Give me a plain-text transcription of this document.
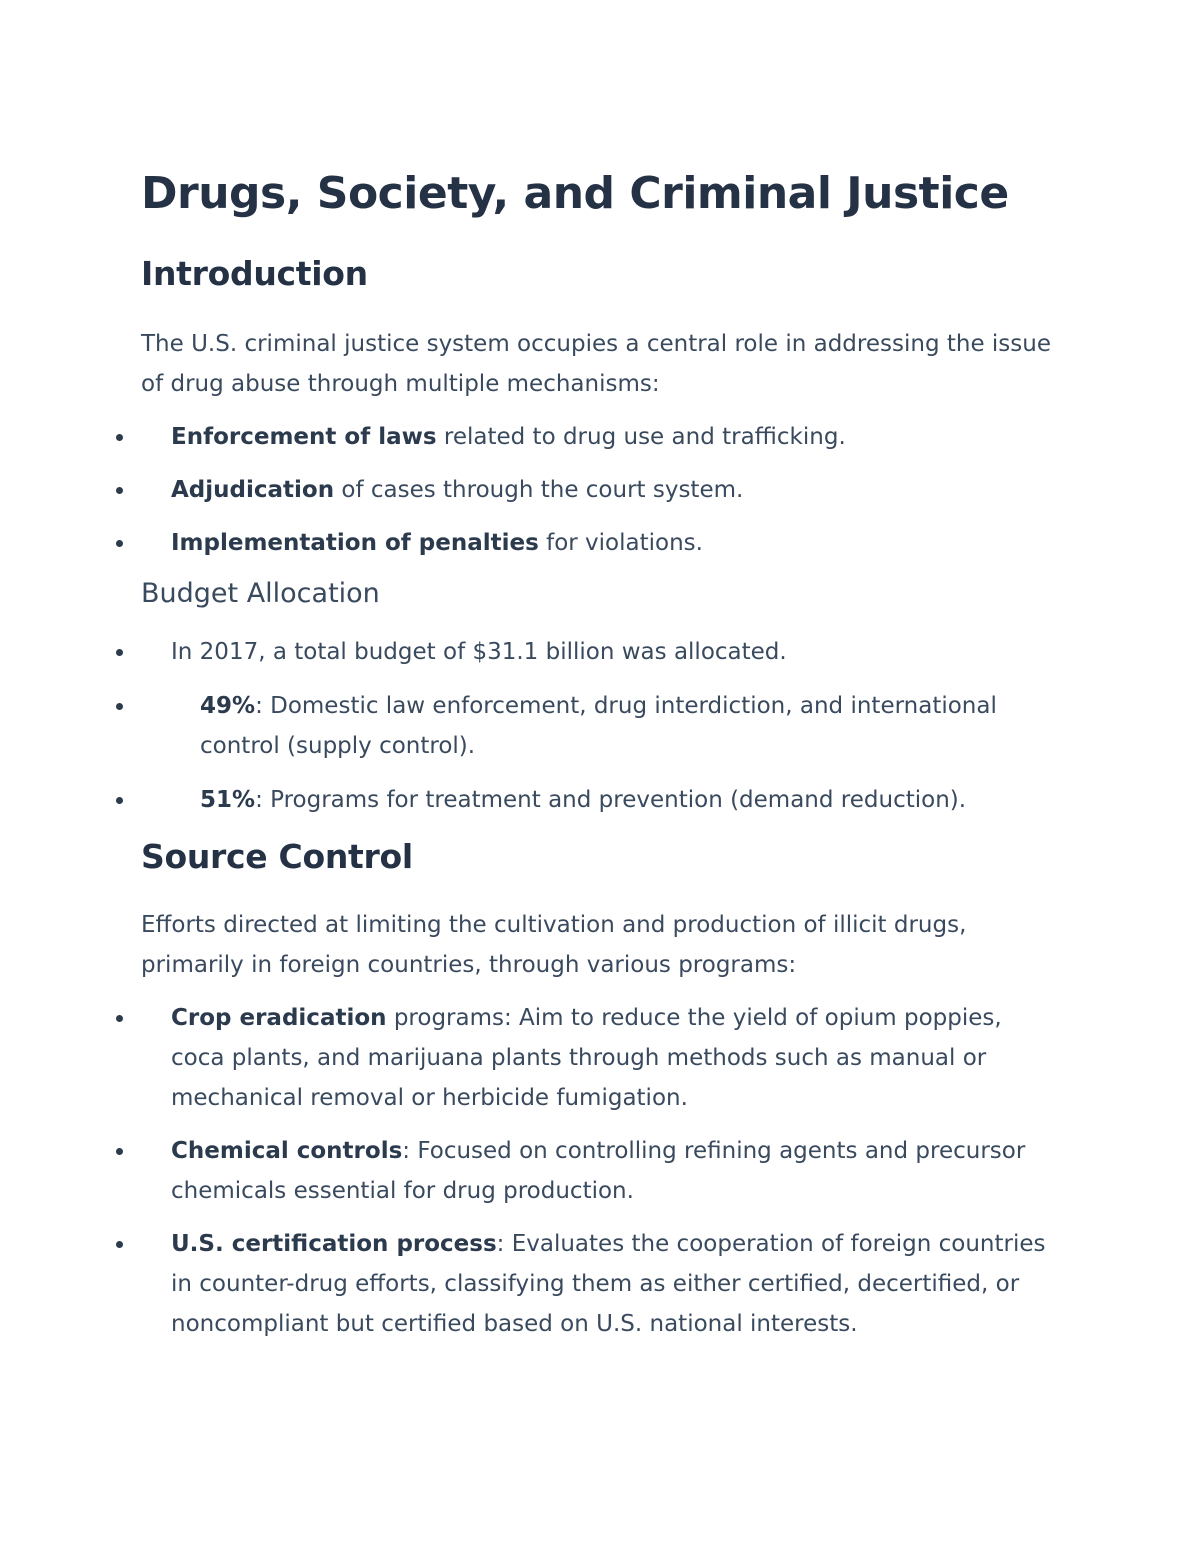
Drugs, Society, and Criminal Justice
Introduction

The U.S. criminal justice system occupies a central role in addressing the issue of drug abuse through multiple mechanisms:

Enforcement of laws related to drug use and trafficking.
Adjudication of cases through the court system.
Implementation of penalties for violations.
Budget Allocation
In 2017, a total budget of $31.1 billion was allocated.
49%: Domestic law enforcement, drug interdiction, and international control (supply control).
51%: Programs for treatment and prevention (demand reduction).
Source Control

Efforts directed at limiting the cultivation and production of illicit drugs, primarily in foreign countries, through various programs:

Crop eradication programs: Aim to reduce the yield of opium poppies, coca plants, and marijuana plants through methods such as manual or mechanical removal or herbicide fumigation.
Chemical controls: Focused on controlling refining agents and precursor chemicals essential for drug production.
U.S. certification process: Evaluates the cooperation of foreign countries in counter-drug efforts, classifying them as either certified, decertified, or noncompliant but certified based on U.S. national interests.
